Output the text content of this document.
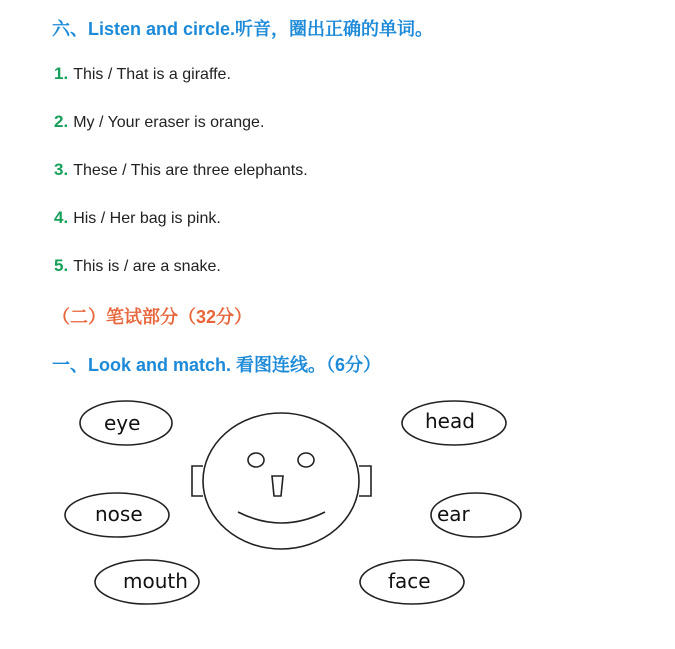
六、Listen and circle.听音，圈出正确的单词。
1. This / That is a giraffe.
2. My / Your eraser is orange.
3. These / This are three elephants.
4. His / Her bag is pink.
5. This is / are a snake.
（二）笔试部分（32分）
一、Look and match. 看图连线。（6分）
eye	head
nose	ear
mouth	face
